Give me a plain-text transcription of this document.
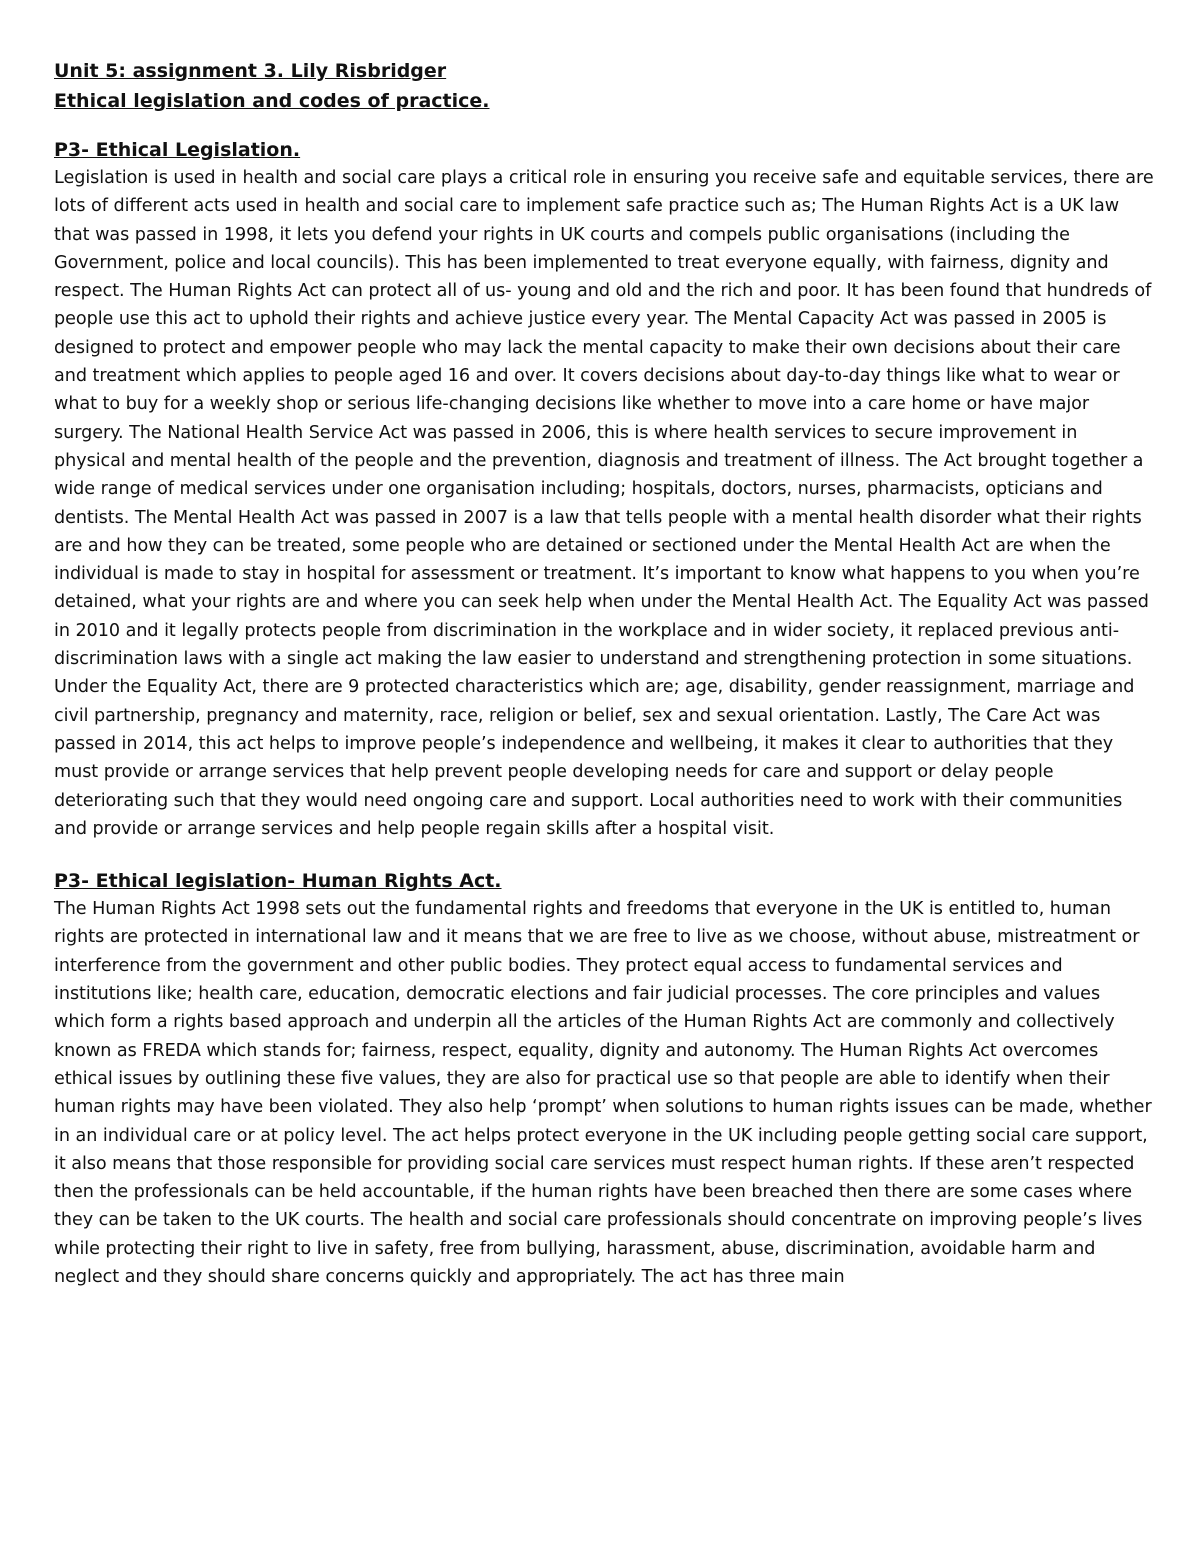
Unit 5: assignment 3. Lily Risbridger

Ethical legislation and codes of practice.

P3- Ethical Legislation.

Legislation is used in health and social care plays a critical role in ensuring you receive safe and equitable services, there are lots of different acts used in health and social care to implement safe practice such as; The Human Rights Act is a UK law that was passed in 1998, it lets you defend your rights in UK courts and compels public organisations (including the Government, police and local councils). This has been implemented to treat everyone equally, with fairness, dignity and respect. The Human Rights Act can protect all of us- young and old and the rich and poor. It has been found that hundreds of people use this act to uphold their rights and achieve justice every year. The Mental Capacity Act was passed in 2005 is designed to protect and empower people who may lack the mental capacity to make their own decisions about their care and treatment which applies to people aged 16 and over. It covers decisions about day-to-day things like what to wear or what to buy for a weekly shop or serious life-changing decisions like whether to move into a care home or have major surgery. The National Health Service Act was passed in 2006, this is where health services to secure improvement in physical and mental health of the people and the prevention, diagnosis and treatment of illness. The Act brought together a wide range of medical services under one organisation including; hospitals, doctors, nurses, pharmacists, opticians and dentists. The Mental Health Act was passed in 2007 is a law that tells people with a mental health disorder what their rights are and how they can be treated, some people who are detained or sectioned under the Mental Health Act are when the individual is made to stay in hospital for assessment or treatment. It’s important to know what happens to you when you’re detained, what your rights are and where you can seek help when under the Mental Health Act. The Equality Act was passed in 2010 and it legally protects people from discrimination in the workplace and in wider society, it replaced previous anti-discrimination laws with a single act making the law easier to understand and strengthening protection in some situations. Under the Equality Act, there are 9 protected characteristics which are; age, disability, gender reassignment, marriage and civil partnership, pregnancy and maternity, race, religion or belief, sex and sexual orientation. Lastly, The Care Act was passed in 2014, this act helps to improve people’s independence and wellbeing, it makes it clear to authorities that they must provide or arrange services that help prevent people developing needs for care and support or delay people deteriorating such that they would need ongoing care and support. Local authorities need to work with their communities and provide or arrange services and help people regain skills after a hospital visit.

P3- Ethical legislation- Human Rights Act.

The Human Rights Act 1998 sets out the fundamental rights and freedoms that everyone in the UK is entitled to, human rights are protected in international law and it means that we are free to live as we choose, without abuse, mistreatment or interference from the government and other public bodies. They protect equal access to fundamental services and institutions like; health care, education, democratic elections and fair judicial processes. The core principles and values which form a rights based approach and underpin all the articles of the Human Rights Act are commonly and collectively known as FREDA which stands for; fairness, respect, equality, dignity and autonomy. The Human Rights Act overcomes ethical issues by outlining these five values, they are also for practical use so that people are able to identify when their human rights may have been violated. They also help ‘prompt’ when solutions to human rights issues can be made, whether in an individual care or at policy level. The act helps protect everyone in the UK including people getting social care support, it also means that those responsible for providing social care services must respect human rights. If these aren’t respected then the professionals can be held accountable, if the human rights have been breached then there are some cases where they can be taken to the UK courts. The health and social care professionals should concentrate on improving people’s lives while protecting their right to live in safety, free from bullying, harassment, abuse, discrimination, avoidable harm and neglect and they should share concerns quickly and appropriately. The act has three main
